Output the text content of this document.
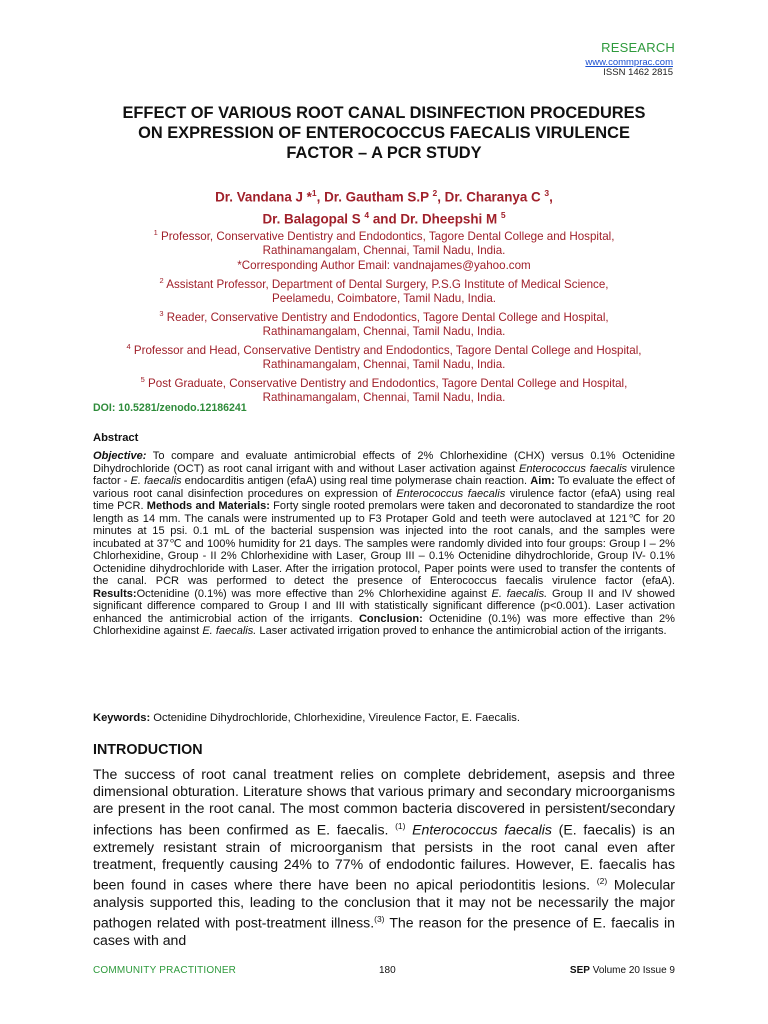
RESEARCH
www.commprac.com
ISSN 1462 2815
EFFECT OF VARIOUS ROOT CANAL DISINFECTION PROCEDURES
ON EXPRESSION OF ENTEROCOCCUS FAECALIS VIRULENCE
FACTOR – A PCR STUDY
Dr. Vandana J *$^1$, Dr. Gautham S.P $^2$, Dr. Charanya C $^3$,
Dr. Balagopal S $^4$ and Dr. Dheepshi M $^5$
$^1$ Professor, Conservative Dentistry and Endodontics, Tagore Dental College and Hospital,
Rathinamangalam, Chennai, Tamil Nadu, India.
*Corresponding Author Email: vandnajames@yahoo.com
$^2$ Assistant Professor, Department of Dental Surgery, P.S.G Institute of Medical Science,
Peelamedu, Coimbatore, Tamil Nadu, India.
$^3$ Reader, Conservative Dentistry and Endodontics, Tagore Dental College and Hospital,
Rathinamangalam, Chennai, Tamil Nadu, India.
$^4$ Professor and Head, Conservative Dentistry and Endodontics, Tagore Dental College and Hospital,
Rathinamangalam, Chennai, Tamil Nadu, India.
$^5$ Post Graduate, Conservative Dentistry and Endodontics, Tagore Dental College and Hospital,
Rathinamangalam, Chennai, Tamil Nadu, India.
DOI: 10.5281/zenodo.12186241
Abstract
Objective: To compare and evaluate antimicrobial effects of 2% Chlorhexidine (CHX) versus 0.1% Octenidine Dihydrochloride (OCT) as root canal irrigant with and without Laser activation against Enterococcus faecalis virulence factor - E. faecalis endocarditis antigen (efaA) using real time polymerase chain reaction. Aim: To evaluate the effect of various root canal disinfection procedures on expression of Enterococcus faecalis virulence factor (efaA) using real time PCR. Methods and Materials: Forty single rooted premolars were taken and decoronated to standardize the root length as 14 mm. The canals were instrumented up to F3 Protaper Gold and teeth were autoclaved at 121℃ for 20 minutes at 15 psi. 0.1 mL of the bacterial suspension was injected into the root canals, and the samples were incubated at 37℃ and 100% humidity for 21 days. The samples were randomly divided into four groups: Group I – 2% Chlorhexidine, Group - II 2% Chlorhexidine with Laser, Group III – 0.1% Octenidine dihydrochloride, Group IV- 0.1% Octenidine dihydrochloride with Laser. After the irrigation protocol, Paper points were used to transfer the contents of the canal. PCR was performed to detect the presence of Enterococcus faecalis virulence factor (efaA). Results:Octenidine (0.1%) was more effective than 2% Chlorhexidine against E. faecalis. Group II and IV showed significant difference compared to Group I and III with statistically significant difference (p<0.001). Laser activation enhanced the antimicrobial action of the irrigants. Conclusion: Octenidine (0.1%) was more effective than 2% Chlorhexidine against E. faecalis. Laser activated irrigation proved to enhance the antimicrobial action of the irrigants.
Keywords: Octenidine Dihydrochloride, Chlorhexidine, Vireulence Factor, E. Faecalis.
INTRODUCTION
The success of root canal treatment relies on complete debridement, asepsis and three dimensional obturation. Literature shows that various primary and secondary microorganisms are present in the root canal. The most common bacteria discovered in persistent/secondary infections has been confirmed as E. faecalis. $^{(1)}$ Enterococcus faecalis (E. faecalis) is an extremely resistant strain of microorganism that persists in the root canal even after treatment, frequently causing 24% to 77% of endodontic failures. However, E. faecalis has been found in cases where there have been no apical periodontitis lesions. $^{(2)}$ Molecular analysis supported this, leading to the conclusion that it may not be necessarily the major pathogen related with post-treatment illness.$^{(3)}$ The reason for the presence of E. faecalis in cases with and
COMMUNITY PRACTITIONER	180	SEP Volume 20 Issue 9
